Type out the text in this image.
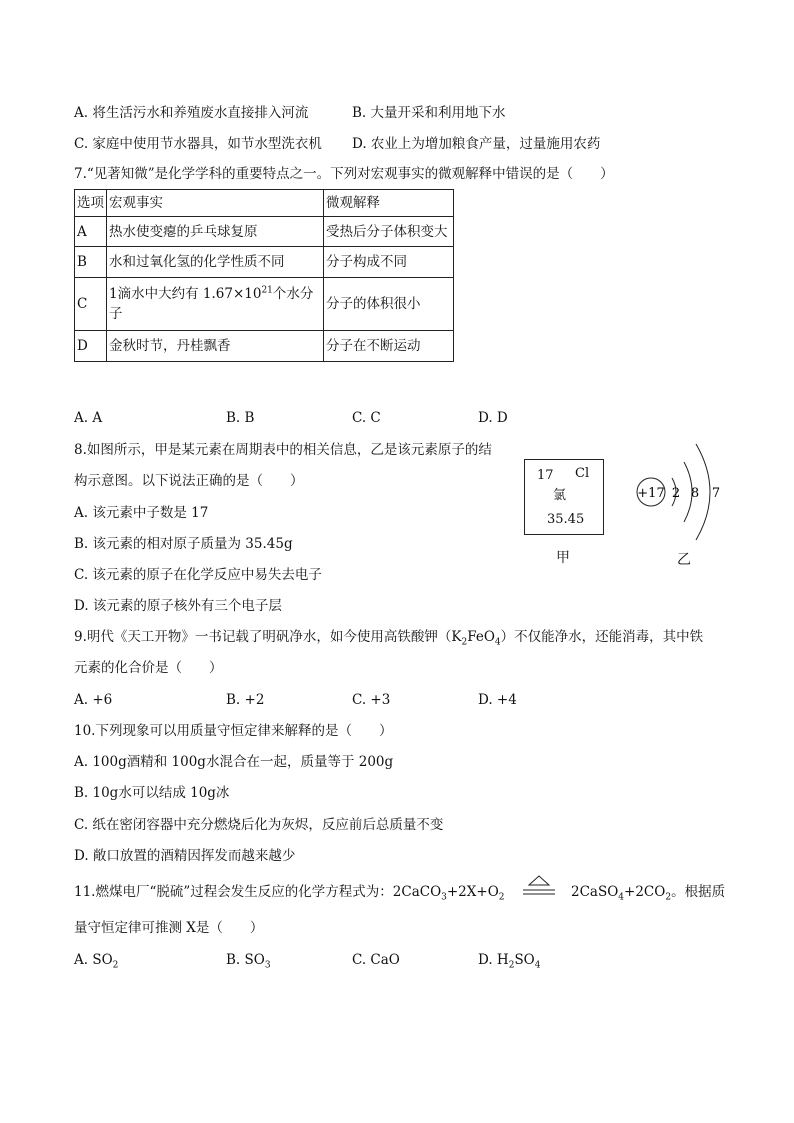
A. 将生活污水和养殖废水直接排入河流	B. 大量开采和利用地下水
C. 家庭中使用节水器具，如节水型洗衣机 D. 农业上为增加粮食产量，过量施用农药
7.“见著知微”是化学学科的重要特点之一。下列对宏观事实的微观解释中错误的是（　　）
选项	宏观事实	微观解释
A	热水使变瘪的乒乓球复原	受热后分子体积变大
B	水和过氧化氢的化学性质不同	分子构成不同
C	1滴水中大约有 $1.67\times 10^{21}$个水分子	分子的体积很小
D	金秋时节，丹桂飘香	分子在不断运动
A. A	B. B	C. C	D. D
8.如图所示，甲是某元素在周期表中的相关信息，乙是该元素原子的结
构示意图。以下说法正确的是（　　）
A. 该元素中子数是 17
B. 该元素的相对原子质量为 35.45g
C. 该元素的原子在化学反应中易失去电子
D. 该元素的原子核外有三个电子层
17 Cl
氯
35.45
甲
+17 2 8 7
乙
9.明代《天工开物》一书记载了明矾净水，如今使用高铁酸钾$(K_2FeO_4)$不仅能净水，还能消毒，其中铁
元素的化合价是（　　）
A. +6	B. +2	C. +3	D. +4
10.下列现象可以用质量守恒定律来解释的是（　　）
A. 100g酒精和 100g水混合在一起，质量等于 200g
B. 10g水可以结成 10g冰
C. 纸在密闭容器中充分燃烧后化为灰烬，反应前后总质量不变
D. 敞口放置的酒精因挥发而越来越少
11.燃煤电厂“脱硫”过程会发生反应的化学方程式为：$2CaCO_3+2X+O_2$	$2CaSO_4+2CO_2$。根据质
量守恒定律可推测 X是（　　）
A. $SO_2$	B. $SO_3$	C. CaO	D. $H_2SO_4$
